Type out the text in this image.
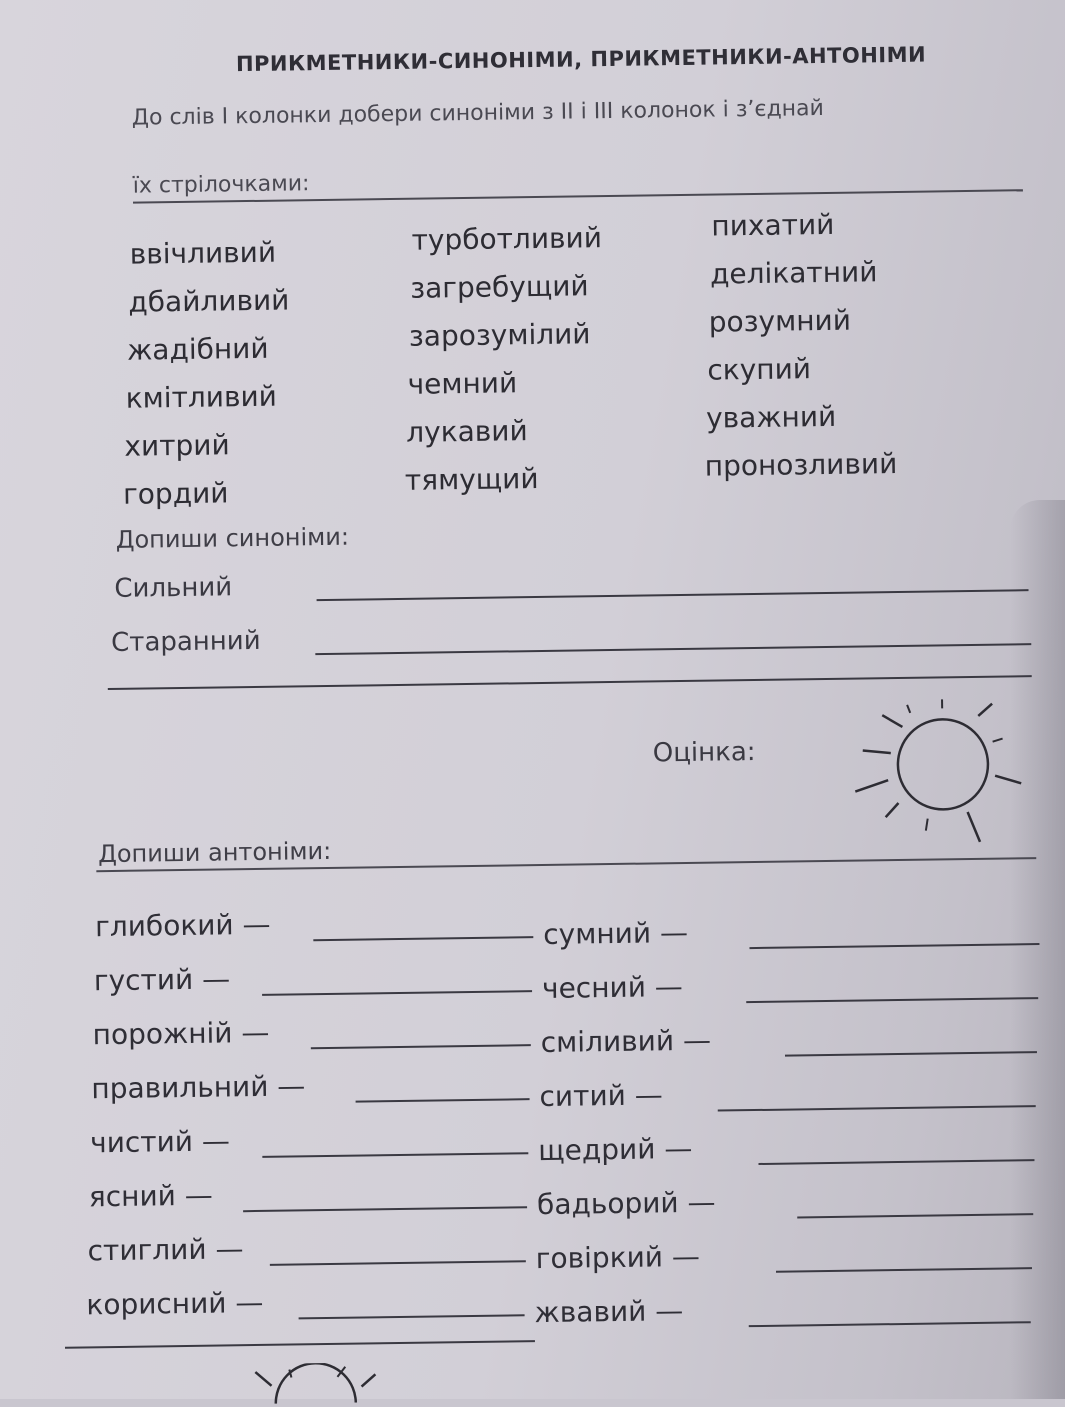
ПРИКМЕТНИКИ-СИНОНІМИ, ПРИКМЕТНИКИ-АНТОНІМИ
До слів І колонки добери синоніми з ІІ і ІІІ колонок і з’єднай
їх стрілочками:
ввічливий
дбайливий
жадібний
кмітливий
хитрий
гордий
турботливий
загребущий
зарозумілий
чемний
лукавий
тямущий
пихатий
делікатний
розумний
скупий
уважний
пронозливий
Допиши синоніми:
Сильний
Старанний
Оцінка:
Допиши антоніми:
глибокий —
густий —
порожній —
правильний —
чистий —
ясний —
стиглий —
корисний —
сумний —
чесний —
сміливий —
ситий —
щедрий —
бадьорий —
говіркий —
жвавий —
